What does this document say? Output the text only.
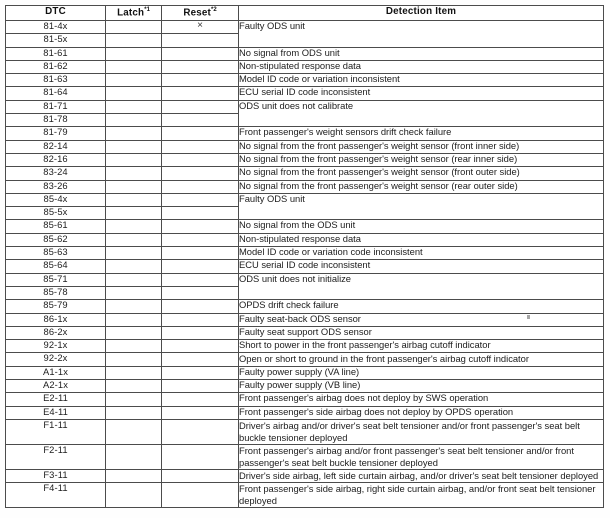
DTC	Latch$^{*1}$	Reset$^{*2}$	Detection Item
81-4x		×	Faulty ODS unit
81-5x			
81-61			No signal from ODS unit
81-62			Non-stipulated response data
81-63			Model ID code or variation inconsistent
81-64			ECU serial ID code inconsistent
81-71			ODS unit does not calibrate
81-78			
81-79			Front passenger's weight sensors drift check failure
82-14			No signal from the front passenger's weight sensor (front inner side)
82-16			No signal from the front passenger's weight sensor (rear inner side)
83-24			No signal from the front passenger's weight sensor (front outer side)
83-26			No signal from the front passenger's weight sensor (rear outer side)
85-4x			Faulty ODS unit
85-5x			
85-61			No signal from the ODS unit
85-62			Non-stipulated response data
85-63			Model ID code or variation code inconsistent
85-64			ECU serial ID code inconsistent
85-71			ODS unit does not initialize
85-78			
85-79			OPDS drift check failure
86-1x			Faulty seat-back ODS sensor
86-2x			Faulty seat support ODS sensor
92-1x			Short to power in the front passenger's airbag cutoff indicator
92-2x			Open or short to ground in the front passenger's airbag cutoff indicator
A1-1x			Faulty power supply (VA line)
A2-1x			Faulty power supply (VB line)
E2-11			Front passenger's airbag does not deploy by SWS operation
E4-11			Front passenger's side airbag does not deploy by OPDS operation
F1-11			Driver's airbag and/or driver's seat belt tensioner and/or front passenger's seat belt buckle tensioner deployed
F2-11			Front passenger's airbag and/or front passenger's seat belt tensioner and/or front passenger's seat belt buckle tensioner deployed
F3-11			Driver's side airbag, left side curtain airbag, and/or driver's seat belt tensioner deployed
F4-11			Front passenger's side airbag, right side curtain airbag, and/or front seat belt tensioner deployed
